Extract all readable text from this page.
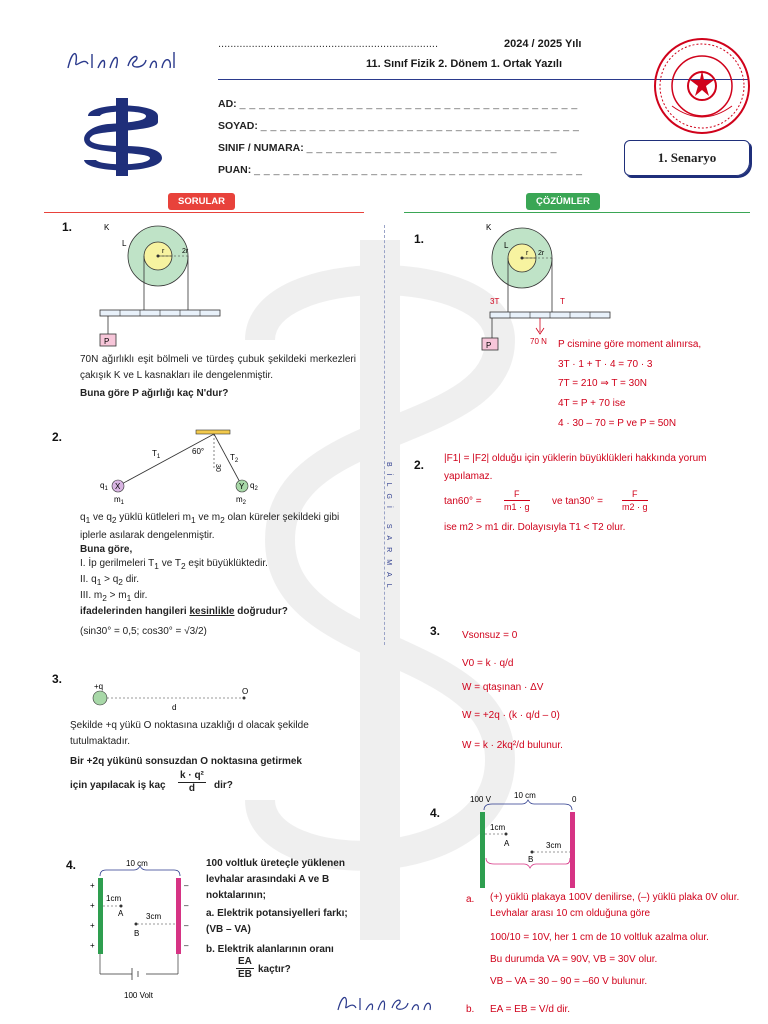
........................................................................	2024 / 2025 Yılı
11. Sınıf Fizik 2. Dönem 1. Ortak Yazılı
AD: _ _ _ _ _ _ _ _ _ _ _ _ _ _ _ _ _ _ _ _ _ _ _ _ _ _ _ _ _ _ _ _ _ _ _
SOYAD: _ _ _ _ _ _ _ _ _ _ _ _ _ _ _ _ _ _ _ _ _ _ _ _ _ _ _ _ _ _ _ _ _
SINIF / NUMARA: _ _ _ _ _ _ _ _ _ _ _ _ _ _ _ _ _ _ _ _ _ _ _ _ _ _
PUAN: _ _ _ _ _ _ _ _ _ _ _ _ _ _ _ _ _ _ _ _ _ _ _ _ _ _ _ _ _ _ _ _ _ _
1. Senaryo
SORULAR	ÇÖZÜMLER
BİLGİ SARMAL
1.	K
L
r	2r
P
70N ağırlıklı eşit bölmeli ve türdeş çubuk şekildeki merkezleri çakışık K ve L kasnakları ile dengelenmiştir.
Buna göre P ağırlığı kaç N'dur?
2.
X	Y
60°
30
$T_1$	$T_2$
$q_1$
$m_1$
$q_2$
$m_2$
$q_1$ ve $q_2$ yüklü kütleleri $m_1$ ve $m_2$ olan küreler şekildeki gibi iplerle asılarak dengelenmiştir.
Buna göre,
I. İp gerilmeleri $T_1$ ve $T_2$ eşit büyüklüktedir.
II. $q_1 > q_2$ dir.
III. $m_2 > m_1$ dir.
ifadelerinden hangileri kesinlikle doğrudur?
(sin30° = 0,5; cos30° = √3/2)
3.
+q
O
d
Şekilde +q yükü O noktasına uzaklığı d olacak şekilde tutulmaktadır.
Bir +2q yükünü sonsuzdan O noktasına getirmek
için yapılacak iş kaç $\frac{\text{k · q²}}{d}$ dir?
4.
+
+
+
+
–
–
–
–
10 cm
1cm
A	3cm
B
100 Volt
100 voltluk üreteçle yüklenen levhalar arasındaki A ve B noktalarının;
a. Elektrik potansiyelleri farkı; (VB – VA)
b. Elektrik alanlarının oranı
$\frac{EA}{EB}$ kaçtır?
1.
K
L
r 2r
3T	T
70 N
P	P cismine göre moment alınırsa,
3T · 1 + T · 4 = 70 · 3
7T = 210 ⇒ T = 30N
4T = P + 70 ise
4 · 30 – 70 = P ve P = 50N
2. |F1| = |F2| olduğu için yüklerin büyüklükleri hakkında yorum yapılamaz.
$\tan 60^\circ = \frac{F}{m1 \cdot g}$ ve $\tan 30^\circ = \frac{F}{m2 \cdot g}$
ise m2 > m1 dir. Dolayısıyla T1 < T2 olur.
3. Vsonsuz = 0
V0 = k · q/d
W = qtaşınan · ΔV
W = +2q · (k · q/d – 0)
W = k · 2kq²/d bulunur.
4.
100 V	10 cm	0
1cm
A	3cm
B
a. (+) yüklü plakaya 100V denilirse, (–) yüklü plaka 0V olur. Levhalar arası 10 cm olduğuna göre
100/10 = 10V, her 1 cm de 10 voltluk azalma olur.
Bu durumda VA = 90V, VB = 30V olur.
VB – VA = 30 – 90 = –60 V bulunur.
b. EA = EB = V/d dir.
